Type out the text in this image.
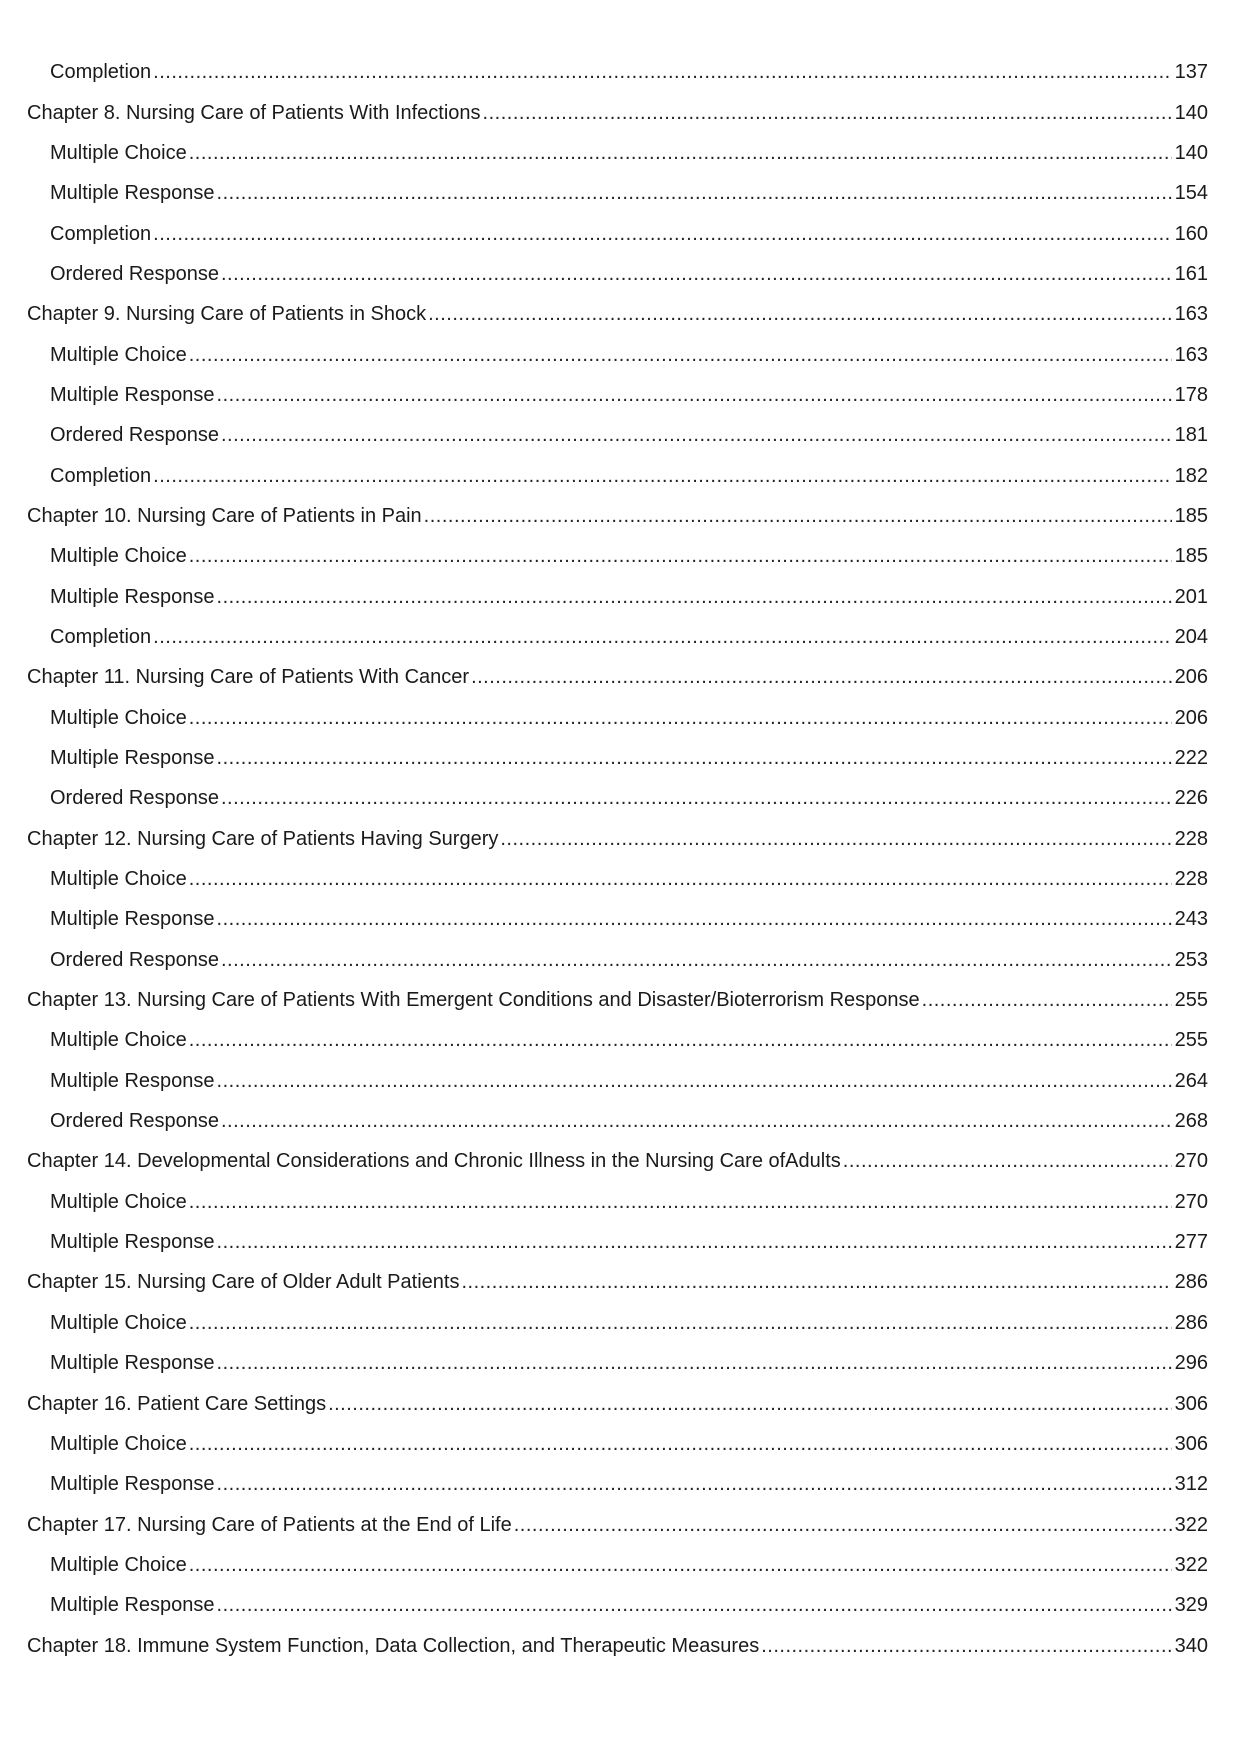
Completion .....	137
Chapter 8. Nursing Care of Patients With Infections .....	140
Multiple Choice .....	140
Multiple Response .....	154
Completion .....	160
Ordered Response .....	161
Chapter 9. Nursing Care of Patients in Shock .....	163
Multiple Choice .....	163
Multiple Response .....	178
Ordered Response .....	181
Completion .....	182
Chapter 10. Nursing Care of Patients in Pain .....	185
Multiple Choice .....	185
Multiple Response .....	201
Completion .....	204
Chapter 11. Nursing Care of Patients With Cancer .....	206
Multiple Choice .....	206
Multiple Response .....	222
Ordered Response .....	226
Chapter 12. Nursing Care of Patients Having Surgery .....	228
Multiple Choice .....	228
Multiple Response .....	243
Ordered Response .....	253
Chapter 13. Nursing Care of Patients With Emergent Conditions and Disaster/Bioterrorism Response .....	255
Multiple Choice .....	255
Multiple Response .....	264
Ordered Response .....	268
Chapter 14. Developmental Considerations and Chronic Illness in the Nursing Care ofAdults .....	270
Multiple Choice .....	270
Multiple Response .....	277
Chapter 15. Nursing Care of Older Adult Patients .....	286
Multiple Choice .....	286
Multiple Response .....	296
Chapter 16. Patient Care Settings .....	306
Multiple Choice .....	306
Multiple Response .....	312
Chapter 17. Nursing Care of Patients at the End of Life .....	322
Multiple Choice .....	322
Multiple Response .....	329
Chapter 18. Immune System Function, Data Collection, and Therapeutic Measures .....	340
